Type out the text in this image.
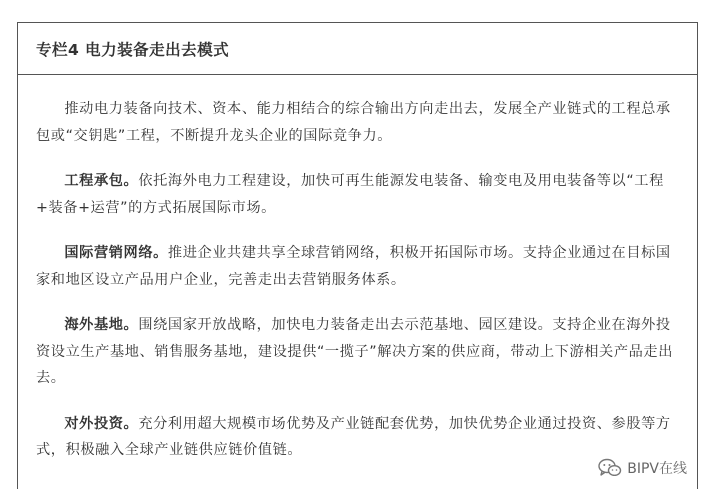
专栏4 电力装备走出去模式

推动电力装备向技术、资本、能力相结合的综合输出方向走出去，发展全产业链式的工程总承包或“交钥匙”工程，不断提升龙头企业的国际竞争力。

工程承包。依托海外电力工程建设，加快可再生能源发电装备、输变电及用电装备等以“工程+装备+运营”的方式拓展国际市场。

国际营销网络。推进企业共建共享全球营销网络，积极开拓国际市场。支持企业通过在目标国家和地区设立产品用户企业，完善走出去营销服务体系。

海外基地。围绕国家开放战略，加快电力装备走出去示范基地、园区建设。支持企业在海外投资设立生产基地、销售服务基地，建设提供“一揽子”解决方案的供应商，带动上下游相关产品走出去。

对外投资。充分利用超大规模市场优势及产业链配套优势，加快优势企业通过投资、参股等方式，积极融入全球产业链供应链价值链。

BIPV在线
